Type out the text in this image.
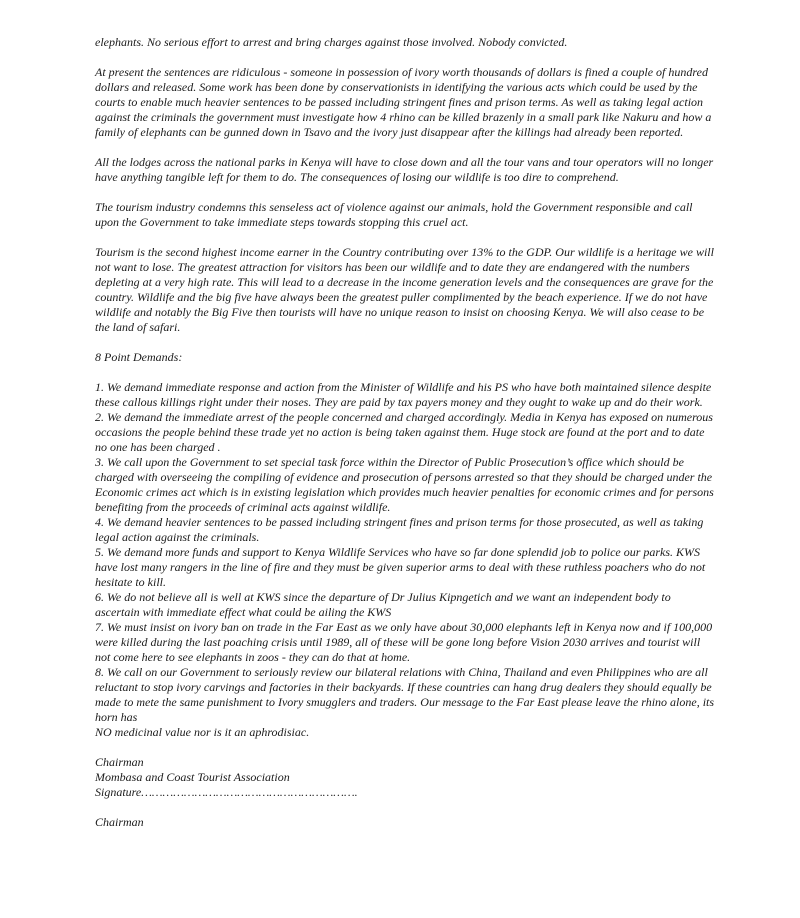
elephants. No serious effort to arrest and bring charges against those involved. Nobody convicted.

At present the sentences are ridiculous - someone in possession of ivory worth thousands of dollars is fined a couple of hundred dollars and released. Some work has been done by conservationists in identifying the various acts which could be used by the courts to enable much heavier sentences to be passed including stringent fines and prison terms. As well as taking legal action against the criminals the government must investigate how 4 rhino can be killed brazenly in a small park like Nakuru and how a family of elephants can be gunned down in Tsavo and the ivory just disappear after the killings had already been reported.

All the lodges across the national parks in Kenya will have to close down and all the tour vans and tour operators will no longer have anything tangible left for them to do. The consequences of losing our wildlife is too dire to comprehend.

The tourism industry condemns this senseless act of violence against our animals, hold the Government responsible and call upon the Government to take immediate steps towards stopping this cruel act.

Tourism is the second highest income earner in the Country contributing over 13% to the GDP. Our wildlife is a heritage we will not want to lose. The greatest attraction for visitors has been our wildlife and to date they are endangered with the numbers depleting at a very high rate. This will lead to a decrease in the income generation levels and the consequences are grave for the country. Wildlife and the big five have always been the greatest puller complimented by the beach experience. If we do not have wildlife and notably the Big Five then tourists will have no unique reason to insist on choosing Kenya. We will also cease to be the land of safari.

8 Point Demands:

1. We demand immediate response and action from the Minister of Wildlife and his PS who have both maintained silence despite these callous killings right under their noses. They are paid by tax payers money and they ought to wake up and do their work.

2. We demand the immediate arrest of the people concerned and charged accordingly. Media in Kenya has exposed on numerous occasions the people behind these trade yet no action is being taken against them. Huge stock are found at the port and to date no one has been charged .

3. We call upon the Government to set special task force within the Director of Public Prosecution’s office which should be charged with overseeing the compiling of evidence and prosecution of persons arrested so that they should be charged under the Economic crimes act which is in existing legislation which provides much heavier penalties for economic crimes and for persons benefiting from the proceeds of criminal acts against wildlife.

4. We demand heavier sentences to be passed including stringent fines and prison terms for those prosecuted, as well as taking legal action against the criminals.

5. We demand more funds and support to Kenya Wildlife Services who have so far done splendid job to police our parks. KWS have lost many rangers in the line of fire and they must be given superior arms to deal with these ruthless poachers who do not hesitate to kill.

6. We do not believe all is well at KWS since the departure of Dr Julius Kipngetich and we want an independent body to ascertain with immediate effect what could be ailing the KWS

7. We must insist on ivory ban on trade in the Far East as we only have about 30,000 elephants left in Kenya now and if 100,000 were killed during the last poaching crisis until 1989, all of these will be gone long before Vision 2030 arrives and tourist will not come here to see elephants in zoos - they can do that at home.

8. We call on our Government to seriously review our bilateral relations with China, Thailand and even Philippines who are all reluctant to stop ivory carvings and factories in their backyards. If these countries can hang drug dealers they should equally be made to mete the same punishment to Ivory smugglers and traders. Our message to the Far East please leave the rhino alone, its horn has

NO medicinal value nor is it an aphrodisiac.

Chairman

Mombasa and Coast Tourist Association

Signature…………………………………………………….

Chairman
